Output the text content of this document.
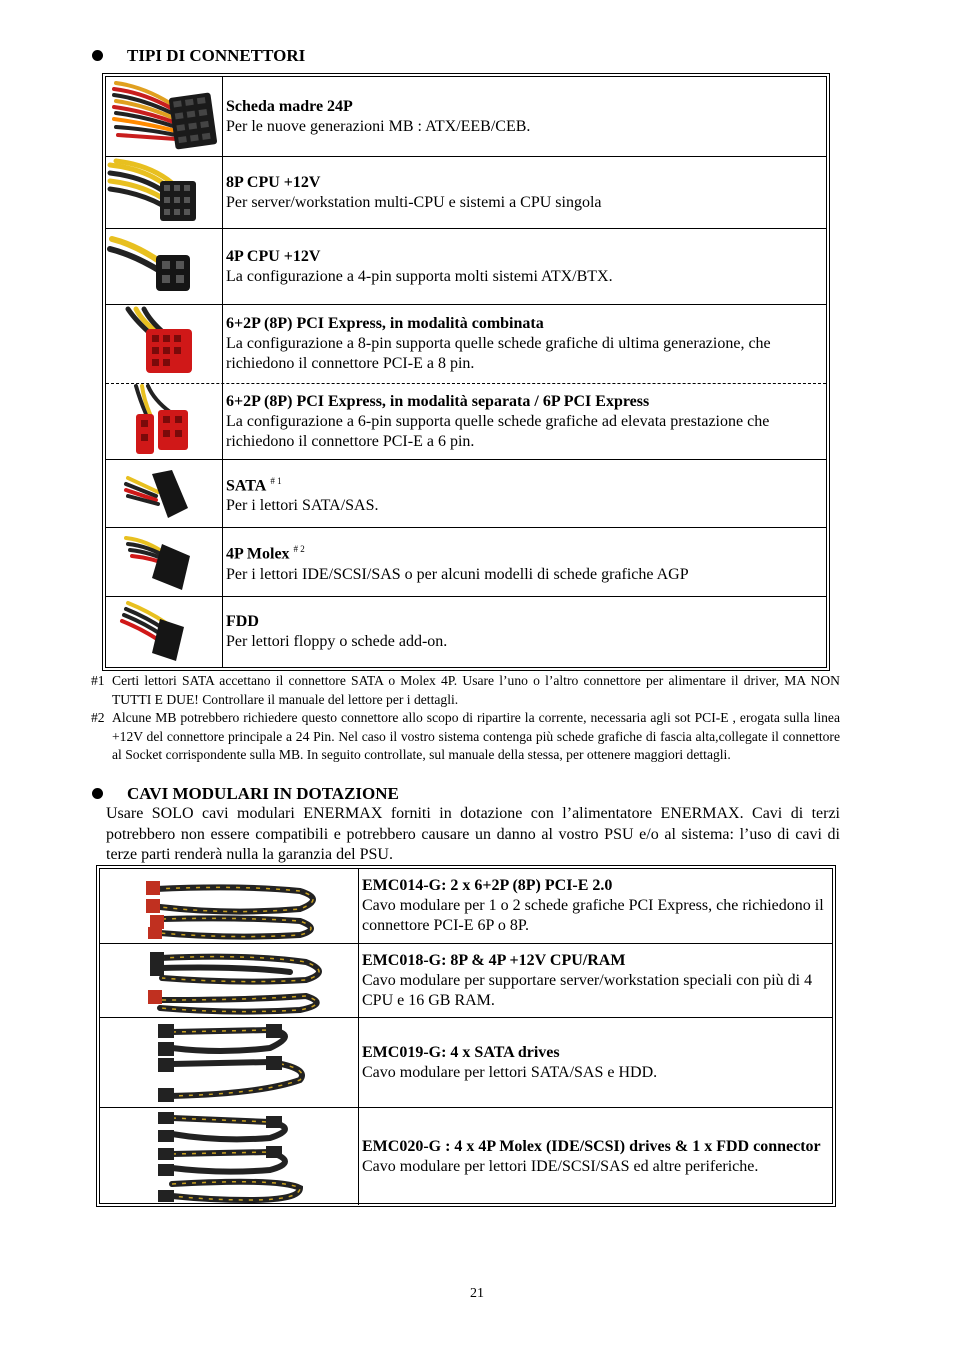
TIPI DI CONNETTORI
Scheda madre 24P
Per le nuove generazioni MB : ATX/EEB/CEB.
8P CPU +12V
Per server/workstation multi-CPU e sistemi a CPU singola
4P CPU +12V
La configurazione a 4-pin supporta molti sistemi ATX/BTX.
6+2P (8P) PCI Express, in modalità combinata
La configurazione a 8-pin supporta quelle schede grafiche di ultima generazione, che richiedono il connettore PCI-E a 8 pin.
6+2P (8P) PCI Express, in modalità separata / 6P PCI Express
La configurazione a 6-pin supporta quelle schede grafiche ad elevata prestazione che richiedono il connettore PCI-E a 6 pin.
SATA $^{\# 1}$
Per i lettori SATA/SAS.
4P Molex $^{\# 2}$
Per i lettori IDE/SCSI/SAS o per alcuni modelli di schede grafiche AGP
FDD
Per lettori floppy o schede add-on.
#1 Certi lettori SATA accettano il connettore SATA o Molex 4P. Usare l’uno o l’altro connettore per alimentare il driver, MA NON TUTTI E DUE! Controllare il manuale del lettore per i dettagli.
#2 Alcune MB potrebbero richiedere questo connettore allo scopo di ripartire la corrente, necessaria agli sot PCI-E , erogata sulla linea +12V del connettore principale a 24 Pin. Nel caso il vostro sistema contenga più schede grafiche di fascia alta,collegate il connettore al Socket corrispondente sulla MB. In seguito controllate, sul manuale della stessa, per ottenere maggiori dettagli.
CAVI MODULARI IN DOTAZIONE
Usare SOLO cavi modulari ENERMAX forniti in dotazione con l’alimentatore ENERMAX. Cavi di terzi potrebbero non essere compatibili e potrebbero causare un danno al vostro PSU e/o al sistema: l’uso di cavi di terze parti renderà nulla la garanzia del PSU.
EMC014-G: 2 x 6+2P (8P) PCI-E 2.0
Cavo modulare per 1 o 2 schede grafiche PCI Express, che richiedono il connettore PCI-E 6P o 8P.
EMC018-G: 8P & 4P +12V CPU/RAM
Cavo modulare per supportare server/workstation speciali con più di 4 CPU e 16 GB RAM.
EMC019-G: 4 x SATA drives
Cavo modulare per lettori SATA/SAS e HDD.
EMC020-G : 4 x 4P Molex (IDE/SCSI) drives & 1 x FDD connector
Cavo modulare per lettori IDE/SCSI/SAS ed altre periferiche.
21
